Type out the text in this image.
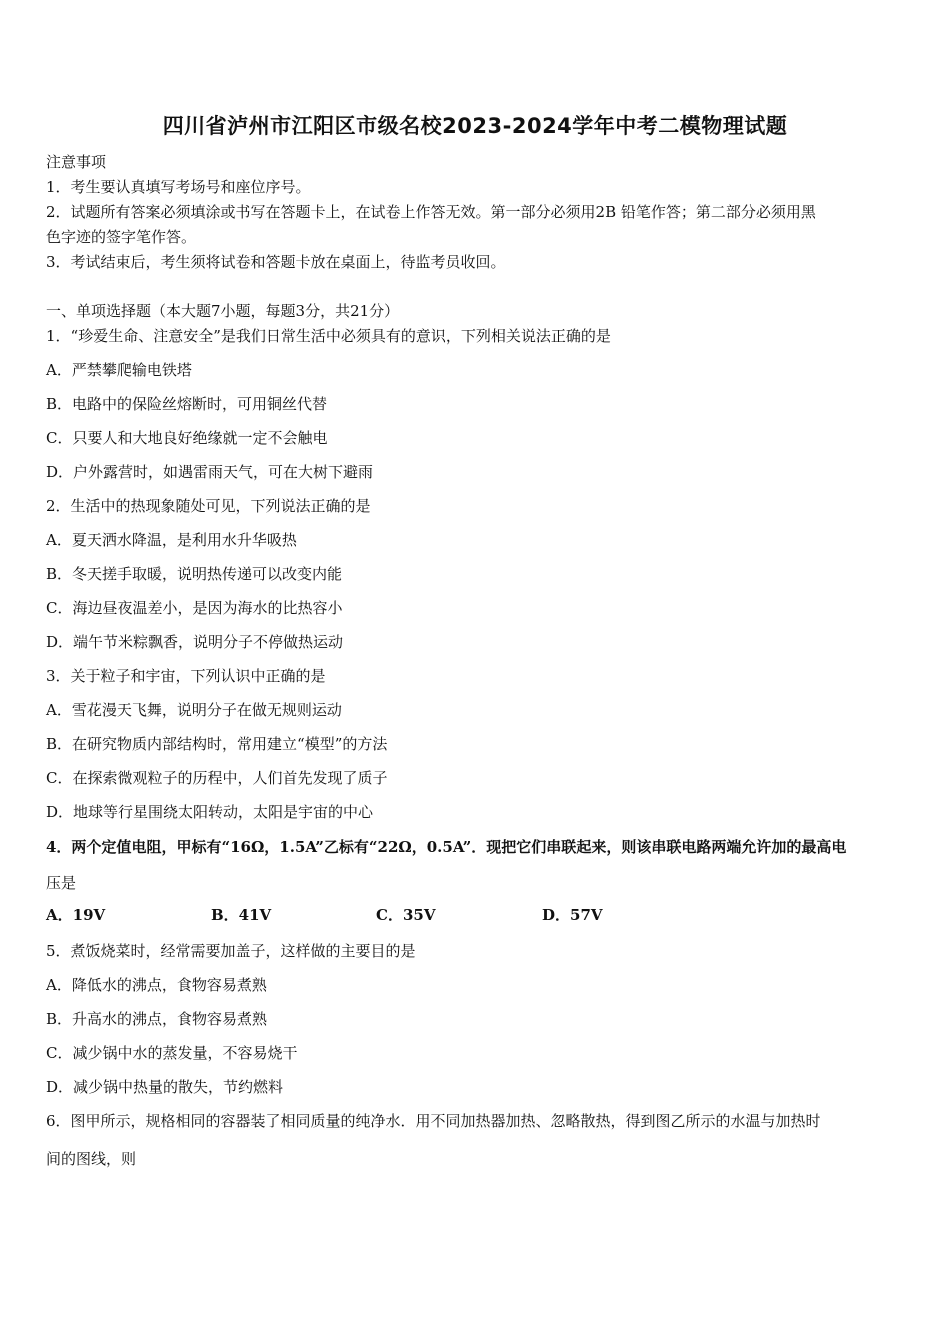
四川省泸州市江阳区市级名校2023-2024学年中考二模物理试题
注意事项
1．考生要认真填写考场号和座位序号。
2．试题所有答案必须填涂或书写在答题卡上，在试卷上作答无效。第一部分必须用2B 铅笔作答；第二部分必须用黑
色字迹的签字笔作答。
3．考试结束后，考生须将试卷和答题卡放在桌面上，待监考员收回。
一、单项选择题（本大题7小题，每题3分，共21分）
1．“珍爱生命、注意安全”是我们日常生活中必须具有的意识，下列相关说法正确的是
A．严禁攀爬输电铁塔
B．电路中的保险丝熔断时，可用铜丝代替
C．只要人和大地良好绝缘就一定不会触电
D．户外露营时，如遇雷雨天气，可在大树下避雨
2．生活中的热现象随处可见，下列说法正确的是
A．夏天洒水降温，是利用水升华吸热
B．冬天搓手取暖，说明热传递可以改变内能
C．海边昼夜温差小，是因为海水的比热容小
D．端午节米粽飘香，说明分子不停做热运动
3．关于粒子和宇宙，下列认识中正确的是
A．雪花漫天飞舞，说明分子在做无规则运动
B．在研究物质内部结构时，常用建立“模型”的方法
C．在探索微观粒子的历程中，人们首先发现了质子
D．地球等行星围绕太阳转动，太阳是宇宙的中心
4．两个定值电阻，甲标有“16Ω，1.5A”乙标有“22Ω，0.5A”．现把它们串联起来，则该串联电路两端允许加的最高电
压是
A．19V	B．41V	C．35V	D．57V
5．煮饭烧菜时，经常需要加盖子，这样做的主要目的是
A．降低水的沸点，食物容易煮熟
B．升高水的沸点，食物容易煮熟
C．减少锅中水的蒸发量，不容易烧干
D．减少锅中热量的散失，节约燃料
6．图甲所示，规格相同的容器装了相同质量的纯净水．用不同加热器加热、忽略散热，得到图乙所示的水温与加热时
间的图线，则
